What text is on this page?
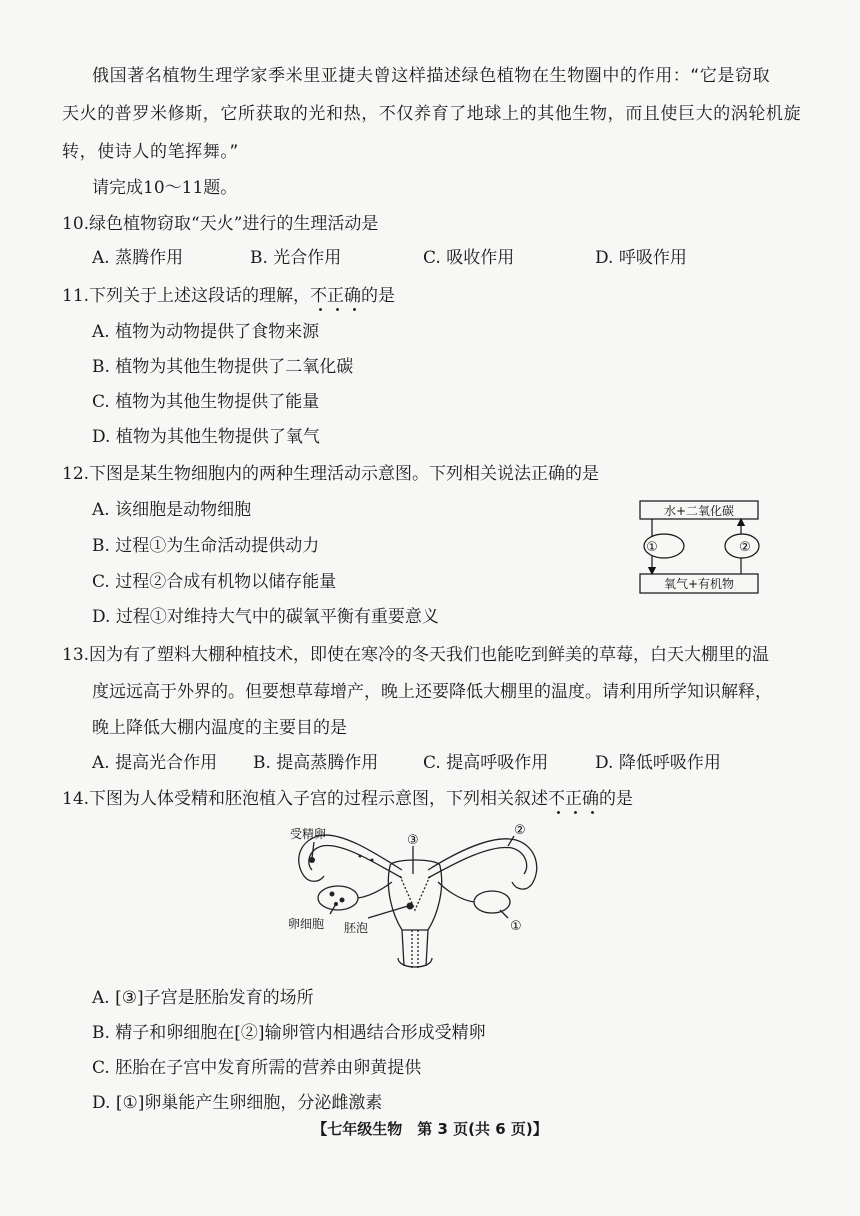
俄国著名植物生理学家季米里亚捷夫曾这样描述绿色植物在生物圈中的作用：“它是窃取
天火的普罗米修斯，它所获取的光和热，不仅养育了地球上的其他生物，而且使巨大的涡轮机旋
转，使诗人的笔挥舞。”
请完成10～11题。
10.绿色植物窃取“天火”进行的生理活动是
A. 蒸腾作用	B. 光合作用	C. 吸收作用	D. 呼吸作用
11.下列关于上述这段话的理解，不正确的是
A. 植物为动物提供了食物来源
B. 植物为其他生物提供了二氧化碳
C. 植物为其他生物提供了能量
D. 植物为其他生物提供了氧气
12.下图是某生物细胞内的两种生理活动示意图。下列相关说法正确的是
A. 该细胞是动物细胞
B. 过程①为生命活动提供动力
C. 过程②合成有机物以储存能量
D. 过程①对维持大气中的碳氧平衡有重要意义
水+二氧化碳
氧气+有机物
①	②
13.因为有了塑料大棚种植技术，即使在寒冷的冬天我们也能吃到鲜美的草莓，白天大棚里的温
度远远高于外界的。但要想草莓增产，晚上还要降低大棚里的温度。请利用所学知识解释，
晚上降低大棚内温度的主要目的是
A. 提高光合作用 B. 提高蒸腾作用	C. 提高呼吸作用	D. 降低呼吸作用
14.下图为人体受精和胚泡植入子宫的过程示意图，下列相关叙述不正确的是
受精卵	③
②
卵细胞 胚泡	①
A. [③]子宫是胚胎发育的场所
B. 精子和卵细胞在[②]输卵管内相遇结合形成受精卵
C. 胚胎在子宫中发育所需的营养由卵黄提供
D. [①]卵巢能产生卵细胞，分泌雌激素
【七年级生物　第 3 页(共 6 页)】
